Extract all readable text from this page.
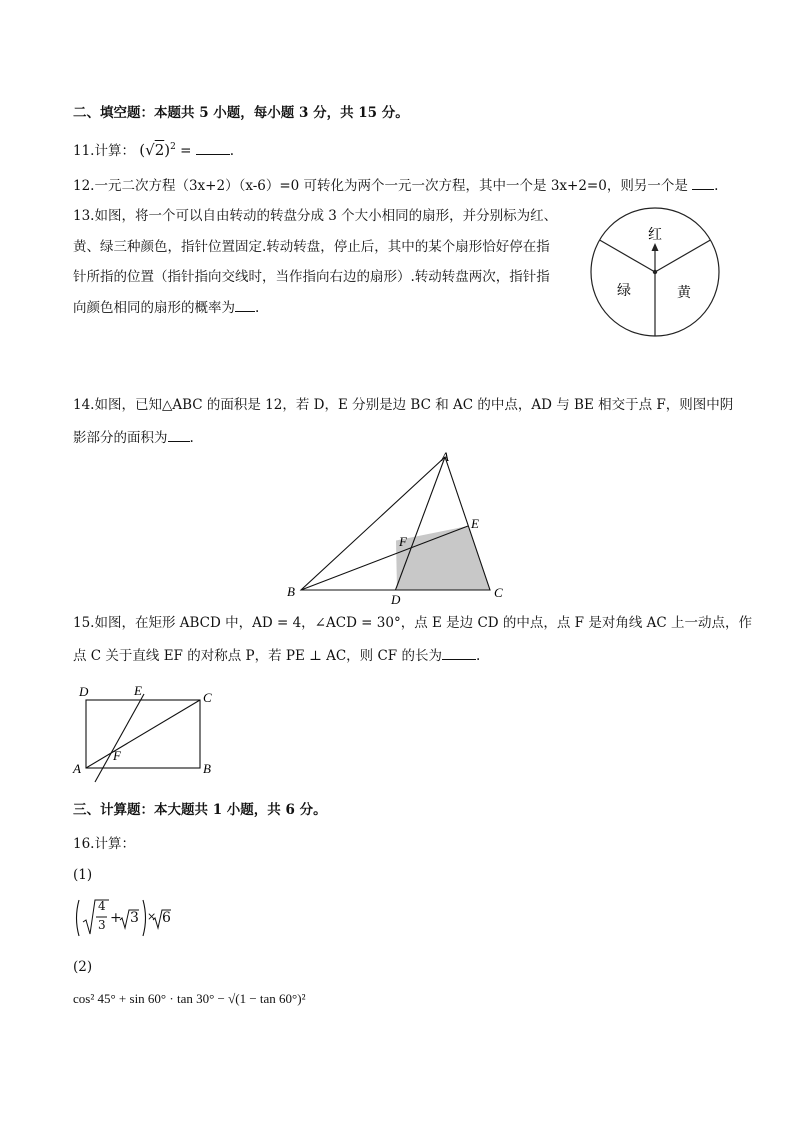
二、填空题：本题共 5 小题，每小题 3 分，共 15 分。
11.计算： $(√2)^2$ =	.
12.一元二次方程（3x+2）（x-6）=0 可转化为两个一元一次方程，其中一个是 3x+2=0，则另一个是 .
13.如图，将一个可以自由转动的转盘分成 3 个大小相同的扇形，并分别标为红、
黄、绿三种颜色，指针位置固定.转动转盘，停止后，其中的某个扇形恰好停在指
针所指的位置（指针指向交线时，当作指向右边的扇形）.转动转盘两次，指针指
向颜色相同的扇形的概率为 .
红
黄
绿
14.如图，已知△ABC 的面积是 12，若 D，E 分别是边 BC 和 AC 的中点，AD 与 BE 相交于点 F，则图中阴
影部分的面积为 .
A
B	C
D
E
F
15.如图，在矩形 ABCD 中，AD = 4，∠ACD = 30°，点 E 是边 CD 的中点，点 F 是对角线 AC 上一动点，作
点 C 关于直线 EF 的对称点 P，若 PE ⊥ AC，则 CF 的长为	.
D	E	C
A	B
F
三、计算题：本大题共 1 小题，共 6 分。
16.计算：
(1)
4
3 + 3 × 6
(2)
cos² 45° + sin 60° · tan 30° − √(1 − tan 60°)²
